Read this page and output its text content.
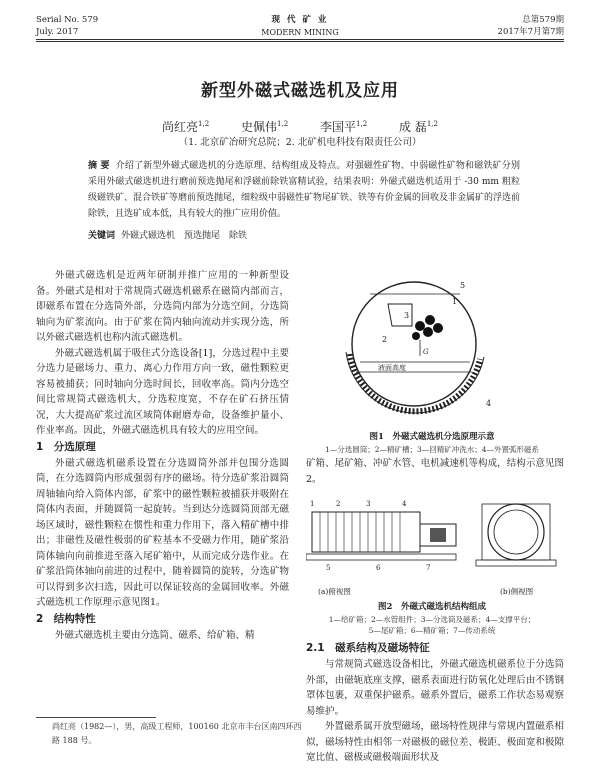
Serial No. 579
July. 2017
现 代 矿 业
MODERN MINING
总第579期
2017年7月第7期
新型外磁式磁选机及应用
尚红亮$^{1,2}$	史佩伟$^{1,2}$	李国平$^{1,2}$	成 磊$^{1,2}$
（1. 北京矿冶研究总院；2. 北矿机电科技有限责任公司）
摘 要 介绍了新型外磁式磁选机的分选原理、结构组成及特点。对强磁性矿物、中弱磁性矿物和磁铁矿分别采用外磁式磁选机进行磨前预选抛尾和浮磁前除铁富精试验，结果表明：外磁式磁选机适用于 -30 mm 粗粒级磁铁矿、混合铁矿等磨前预选抛尾，细粒级中弱磁性矿物尾矿铁、铁等有价金属的回收及非金属矿的浮选前除铁，且选矿成本低，具有较大的推广应用价值。
关键词 外磁式磁选机　预选抛尾　除铁

外磁式磁选机是近两年研制并推广应用的一种新型设备。外磁式是相对于常规筒式磁选机磁系在磁筒内部而言，即磁系布置在分选筒外部，分选筒内部为分选空间，分选筒轴向为矿浆流向。由于矿浆在筒内轴向流动并实现分选，所以外磁式磁选机也称内流式磁选机。

外磁式磁选机属于吸住式分选设备[1]，分选过程中主要分选力是磁场力、重力、离心力作用方向一致，磁性颗粒更容易被捕获；同时轴向分选时间长，回收率高。筒内分选空间比常规筒式磁选机大，分选粒度宽，不存在矿石挤压情况，大大提高矿浆过流区域筒体耐磨寿命，设备维护量小、作业率高。因此，外磁式磁选机具有较大的应用空间。

1　分选原理

外磁式磁选机磁系设置在分选圆筒外部并包围分选圆筒，在分选圆筒内形成强弱有序的磁场。待分选矿浆沿圆筒周轴轴向给入筒体内部，矿浆中的磁性颗粒被捕获并吸附在筒体内表面，并随圆筒一起旋转。当到达分选圆筒顶部无磁场区域时，磁性颗粒在惯性和重力作用下，落入精矿槽中排出；非磁性及磁性极弱的矿粒基本不受磁力作用，随矿浆沿筒体轴向向前推进至落入尾矿箱中，从而完成分选作业。在矿浆沿筒体轴向前进的过程中，随着圆筒的旋转，分选矿物可以得到多次扫选，因此可以保证较高的金属回收率。外磁式磁选机工作原理示意见图1。

2　结构特性

外磁式磁选机主要由分选筒、磁系、给矿箱、精

液面高度
G
1
2
3
4
5
图1　外磁式磁选机分选原理示意
1—分选圆筒；2—精矿槽；3—回精矿冲洗水；4—外置弧形磁系

矿箱、尾矿箱、冲矿水管、电机减速机等构成，结构示意见图2。

1	2	3	4
5	6	7
(a)俯视图	(b)侧视图
图2　外磁式磁选机结构组成
1—给矿箱；2—水管组件；3—分选筒及磁系；4—支撑平台；
5—尾矿箱；6—精矿箱；7—传动系统
2.1　磁系结构及磁场特征

与常规筒式磁选设备相比，外磁式磁选机磁系位于分选筒外部，由磁轭底座支撑，磁系表面进行防氧化处理后由不锈钢罩体包裹，双重保护磁系。磁系外置后，磁系工作状态易观察易维护。

外置磁系属开放型磁场，磁场特性规律与常规内置磁系相似，磁场特性由相邻一对磁极的磁位差、极距、极面宽和极隙宽比值、磁极或磁极端面形状及

尚红亮（1982—），男，高级工程师，100160 北京市丰台区南四环西路 188 号。
